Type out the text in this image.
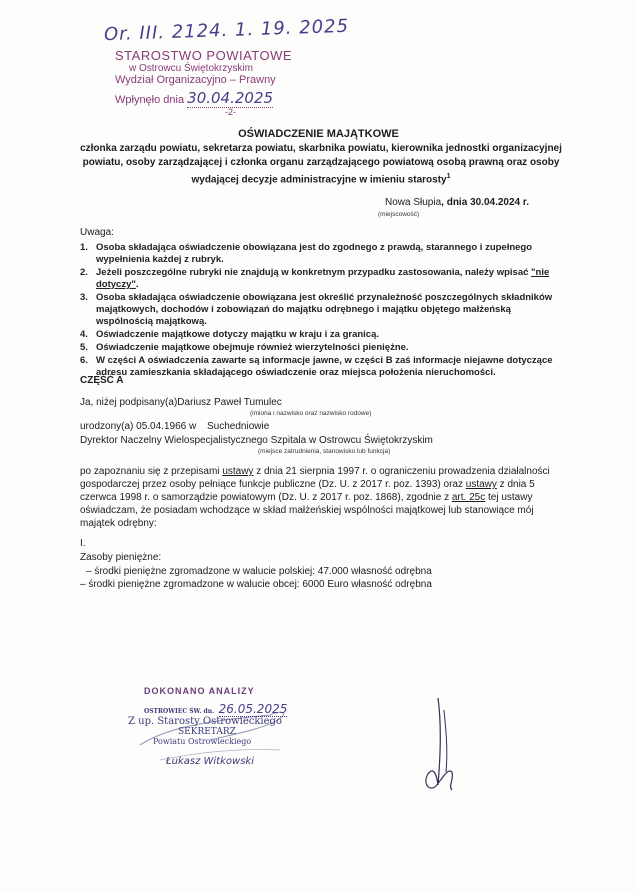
Or. III. 2124. 1. 19. 2025
STAROSTWO POWIATOWE
w Ostrowcu Świętokrzyskim
Wydział Organizacyjno – Prawny
Wpłynęło dnia 30.04.2025
-2-
OŚWIADCZENIE MAJĄTKOWE
członka zarządu powiatu, sekretarza powiatu, skarbnika powiatu, kierownika jednostki organizacyjnej powiatu, osoby zarządzającej i członka organu zarządzającego powiatową osobą prawną oraz osoby wydającej decyzje administracyjne w imieniu starosty$^1$
Nowa Słupia, dnia 30.04.2024 r.
(miejscowość)
Uwaga:
1. Osoba składająca oświadczenie obowiązana jest do zgodnego z prawdą, starannego i zupełnego wypełnienia każdej z rubryk.
2. Jeżeli poszczególne rubryki nie znajdują w konkretnym przypadku zastosowania, należy wpisać "nie dotyczy".
3. Osoba składająca oświadczenie obowiązana jest określić przynależność poszczególnych składników majątkowych, dochodów i zobowiązań do majątku odrębnego i majątku objętego małżeńską wspólnością majątkową.
4. Oświadczenie majątkowe dotyczy majątku w kraju i za granicą.
5. Oświadczenie majątkowe obejmuje również wierzytelności pieniężne.
6. W części A oświadczenia zawarte są informacje jawne, w części B zaś informacje niejawne dotyczące adresu zamieszkania składającego oświadczenie oraz miejsca położenia nieruchomości.
CZĘŚĆ A
Ja, niżej podpisany(a)Dariusz Paweł Tumulec
(imiona i nazwisko oraz nazwisko rodowe)
urodzony(a) 05.04.1966 w Suchedniowie
Dyrektor Naczelny Wielospecjalistycznego Szpitala w Ostrowcu Świętokrzyskim
(miejsce zatrudnienia, stanowisko lub funkcja)
po zapoznaniu się z przepisami ustawy z dnia 21 sierpnia 1997 r. o ograniczeniu prowadzenia działalności gospodarczej przez osoby pełniące funkcje publiczne (Dz. U. z 2017 r. poz. 1393) oraz ustawy z dnia 5 czerwca 1998 r. o samorządzie powiatowym (Dz. U. z 2017 r. poz. 1868), zgodnie z art. 25c tej ustawy oświadczam, że posiadam wchodzące w skład małżeńskiej wspólności majątkowej lub stanowiące mój majątek odrębny:
I.
Zasoby pieniężne:
– środki pieniężne zgromadzone w walucie polskiej: 47.000 własność odrębna
– środki pieniężne zgromadzone w walucie obcej: 6000 Euro własność odrębna
DOKONANO ANALIZY
OSTROWIEC ŚW. dn. 26.05.2025
Z up. Starosty Ostrowieckiego
SEKRETARZ
Powiatu Ostrowieckiego
Łukasz Witkowski
